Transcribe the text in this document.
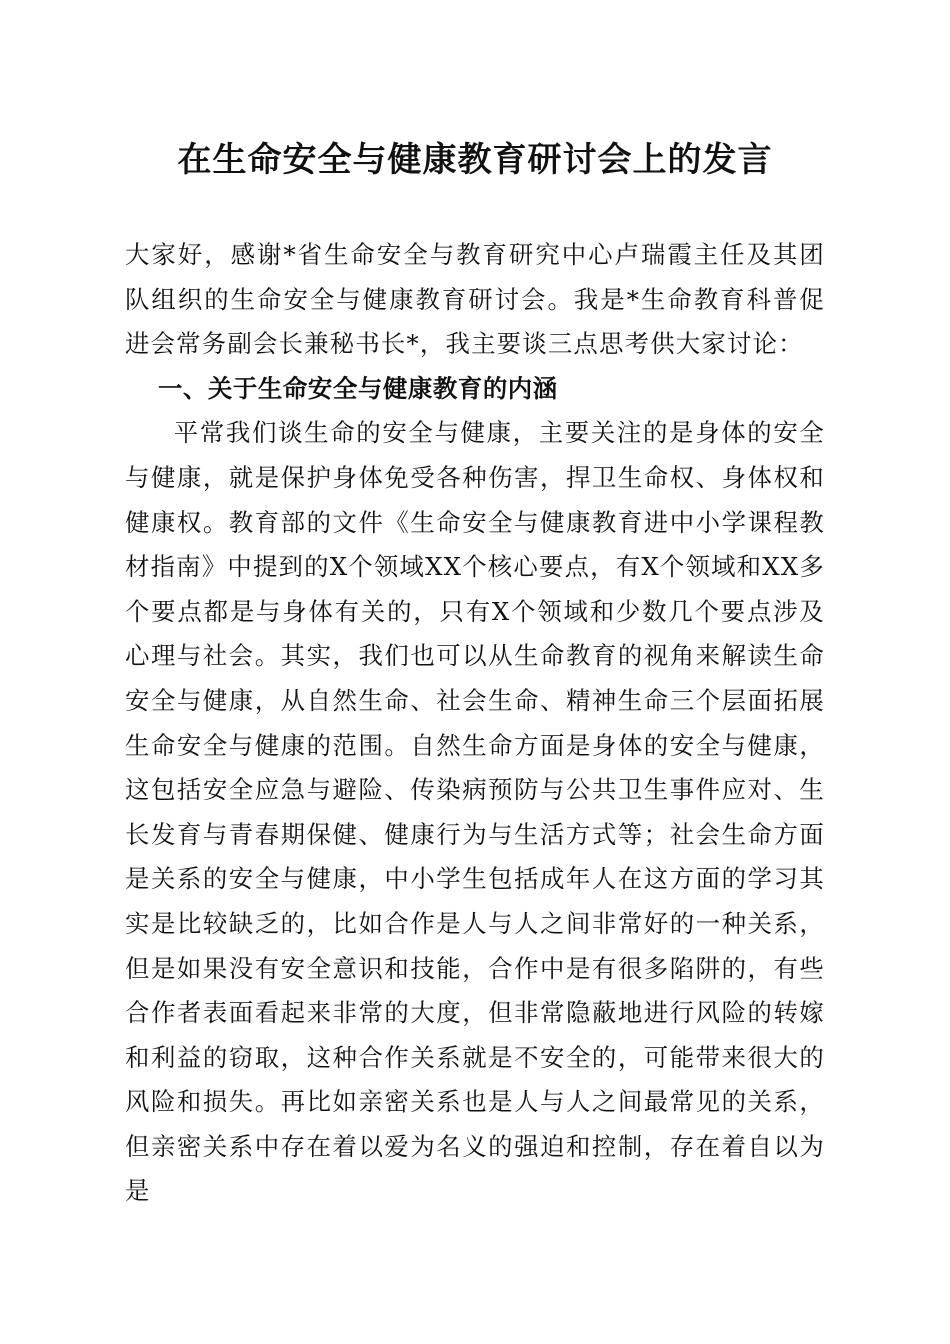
在生命安全与健康教育研讨会上的发言

大家好，感谢*省生命安全与教育研究中心卢瑞霞主任及其团队组织的生命安全与健康教育研讨会。我是*生命教育科普促进会常务副会长兼秘书长*，我主要谈三点思考供大家讨论：

一、关于生命安全与健康教育的内涵

平常我们谈生命的安全与健康，主要关注的是身体的安全与健康，就是保护身体免受各种伤害，捍卫生命权、身体权和健康权。教育部的文件《生命安全与健康教育进中小学课程教材指南》中提到的X个领域XX个核心要点，有X个领域和XX多个要点都是与身体有关的，只有X个领域和少数几个要点涉及心理与社会。其实，我们也可以从生命教育的视角来解读生命安全与健康，从自然生命、社会生命、精神生命三个层面拓展生命安全与健康的范围。自然生命方面是身体的安全与健康，这包括安全应急与避险、传染病预防与公共卫生事件应对、生长发育与青春期保健、健康行为与生活方式等；社会生命方面是关系的安全与健康，中小学生包括成年人在这方面的学习其实是比较缺乏的，比如合作是人与人之间非常好的一种关系，但是如果没有安全意识和技能，合作中是有很多陷阱的，有些合作者表面看起来非常的大度，但非常隐蔽地进行风险的转嫁和利益的窃取，这种合作关系就是不安全的，可能带来很大的风险和损失。再比如亲密关系也是人与人之间最常见的关系，但亲密关系中存在着以爱为名义的强迫和控制，存在着自以为是
